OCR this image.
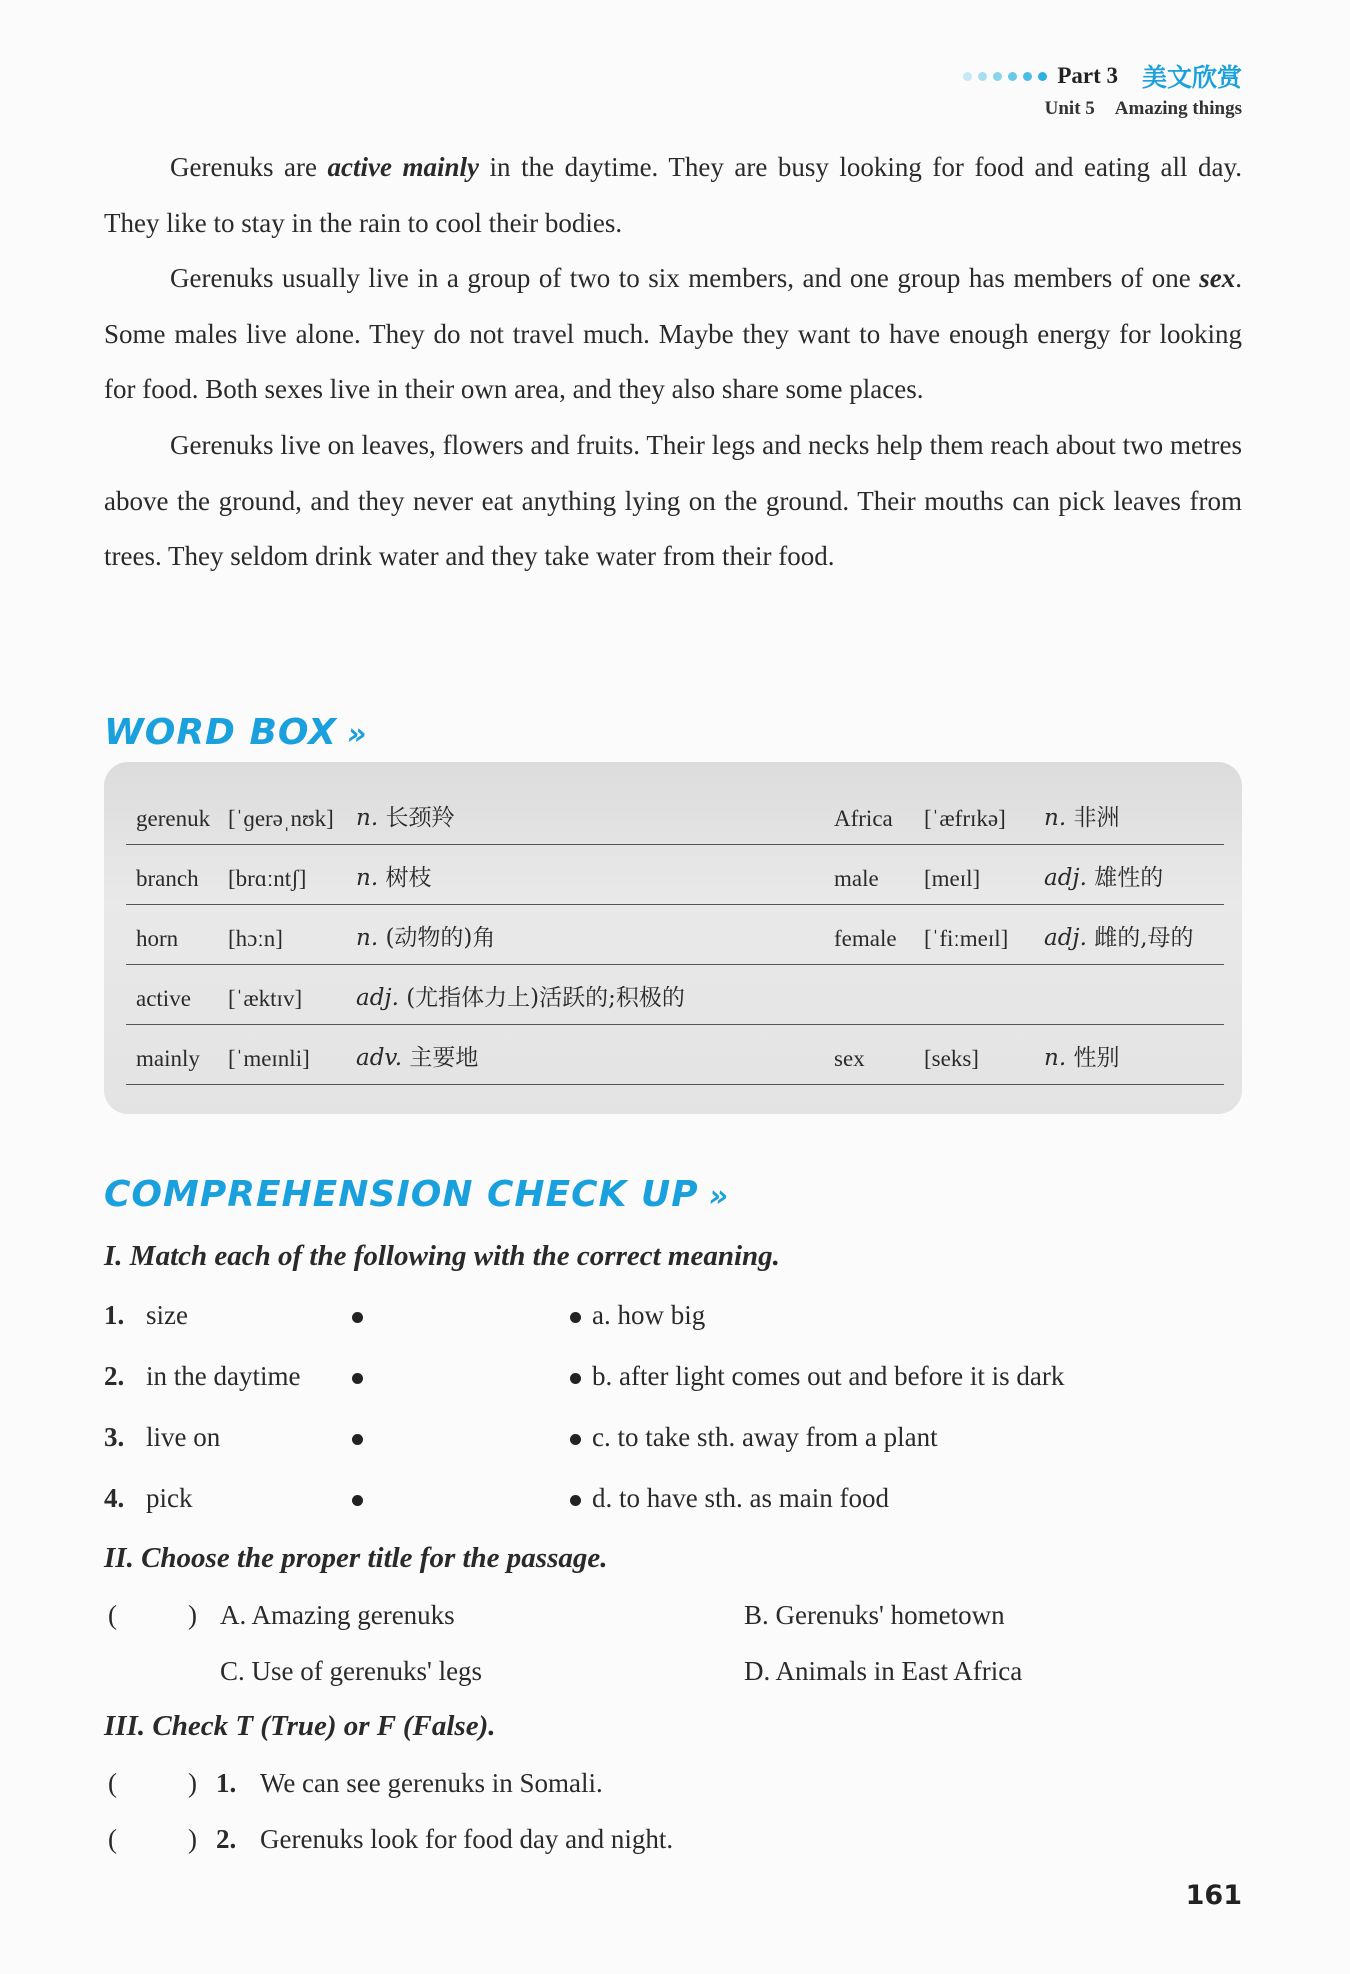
Part 3 美文欣赏
Unit 5 Amazing things

Gerenuks are active mainly in the daytime. They are busy looking for food and eating all day. They like to stay in the rain to cool their bodies.

Gerenuks usually live in a group of two to six members, and one group has members of one sex. Some males live alone. They do not travel much. Maybe they want to have enough energy for looking for food. Both sexes live in their own area, and they also share some places.

Gerenuks live on leaves, flowers and fruits. Their legs and necks help them reach about two metres above the ground, and they never eat anything lying on the ground. Their mouths can pick leaves from trees. They seldom drink water and they take water from their food.

WORD BOX »
gerenuk [ˈɡerəˌnʊk] n. 长颈羚	Africa [ˈæfrɪkə] n. 非洲
branch [brɑːntʃ] n. 树枝	male [meɪl]	adj. 雄性的
horn [hɔːn]	n. (动物的)角	female [ˈfiːmeɪl] adj. 雌的,母的
active [ˈæktɪv] adj. (尤指体力上)活跃的;积极的
mainly [ˈmeɪnli] adv. 主要地	sex	[seks]	n. 性别
COMPREHENSION CHECK UP »
I. Match each of the following with the correct meaning.
1. size	a. how big
2. in the daytime	b. after light comes out and before it is dark
3. live on	c. to take sth. away from a plant
4. pick	d. to have sth. as main food
II. Choose the proper title for the passage.
(	) A. Amazing gerenuks	B. Gerenuks' hometown
C. Use of gerenuks' legs	D. Animals in East Africa
III. Check T (True) or F (False).
(	) 1. We can see gerenuks in Somali.
(	) 2. Gerenuks look for food day and night.
161
